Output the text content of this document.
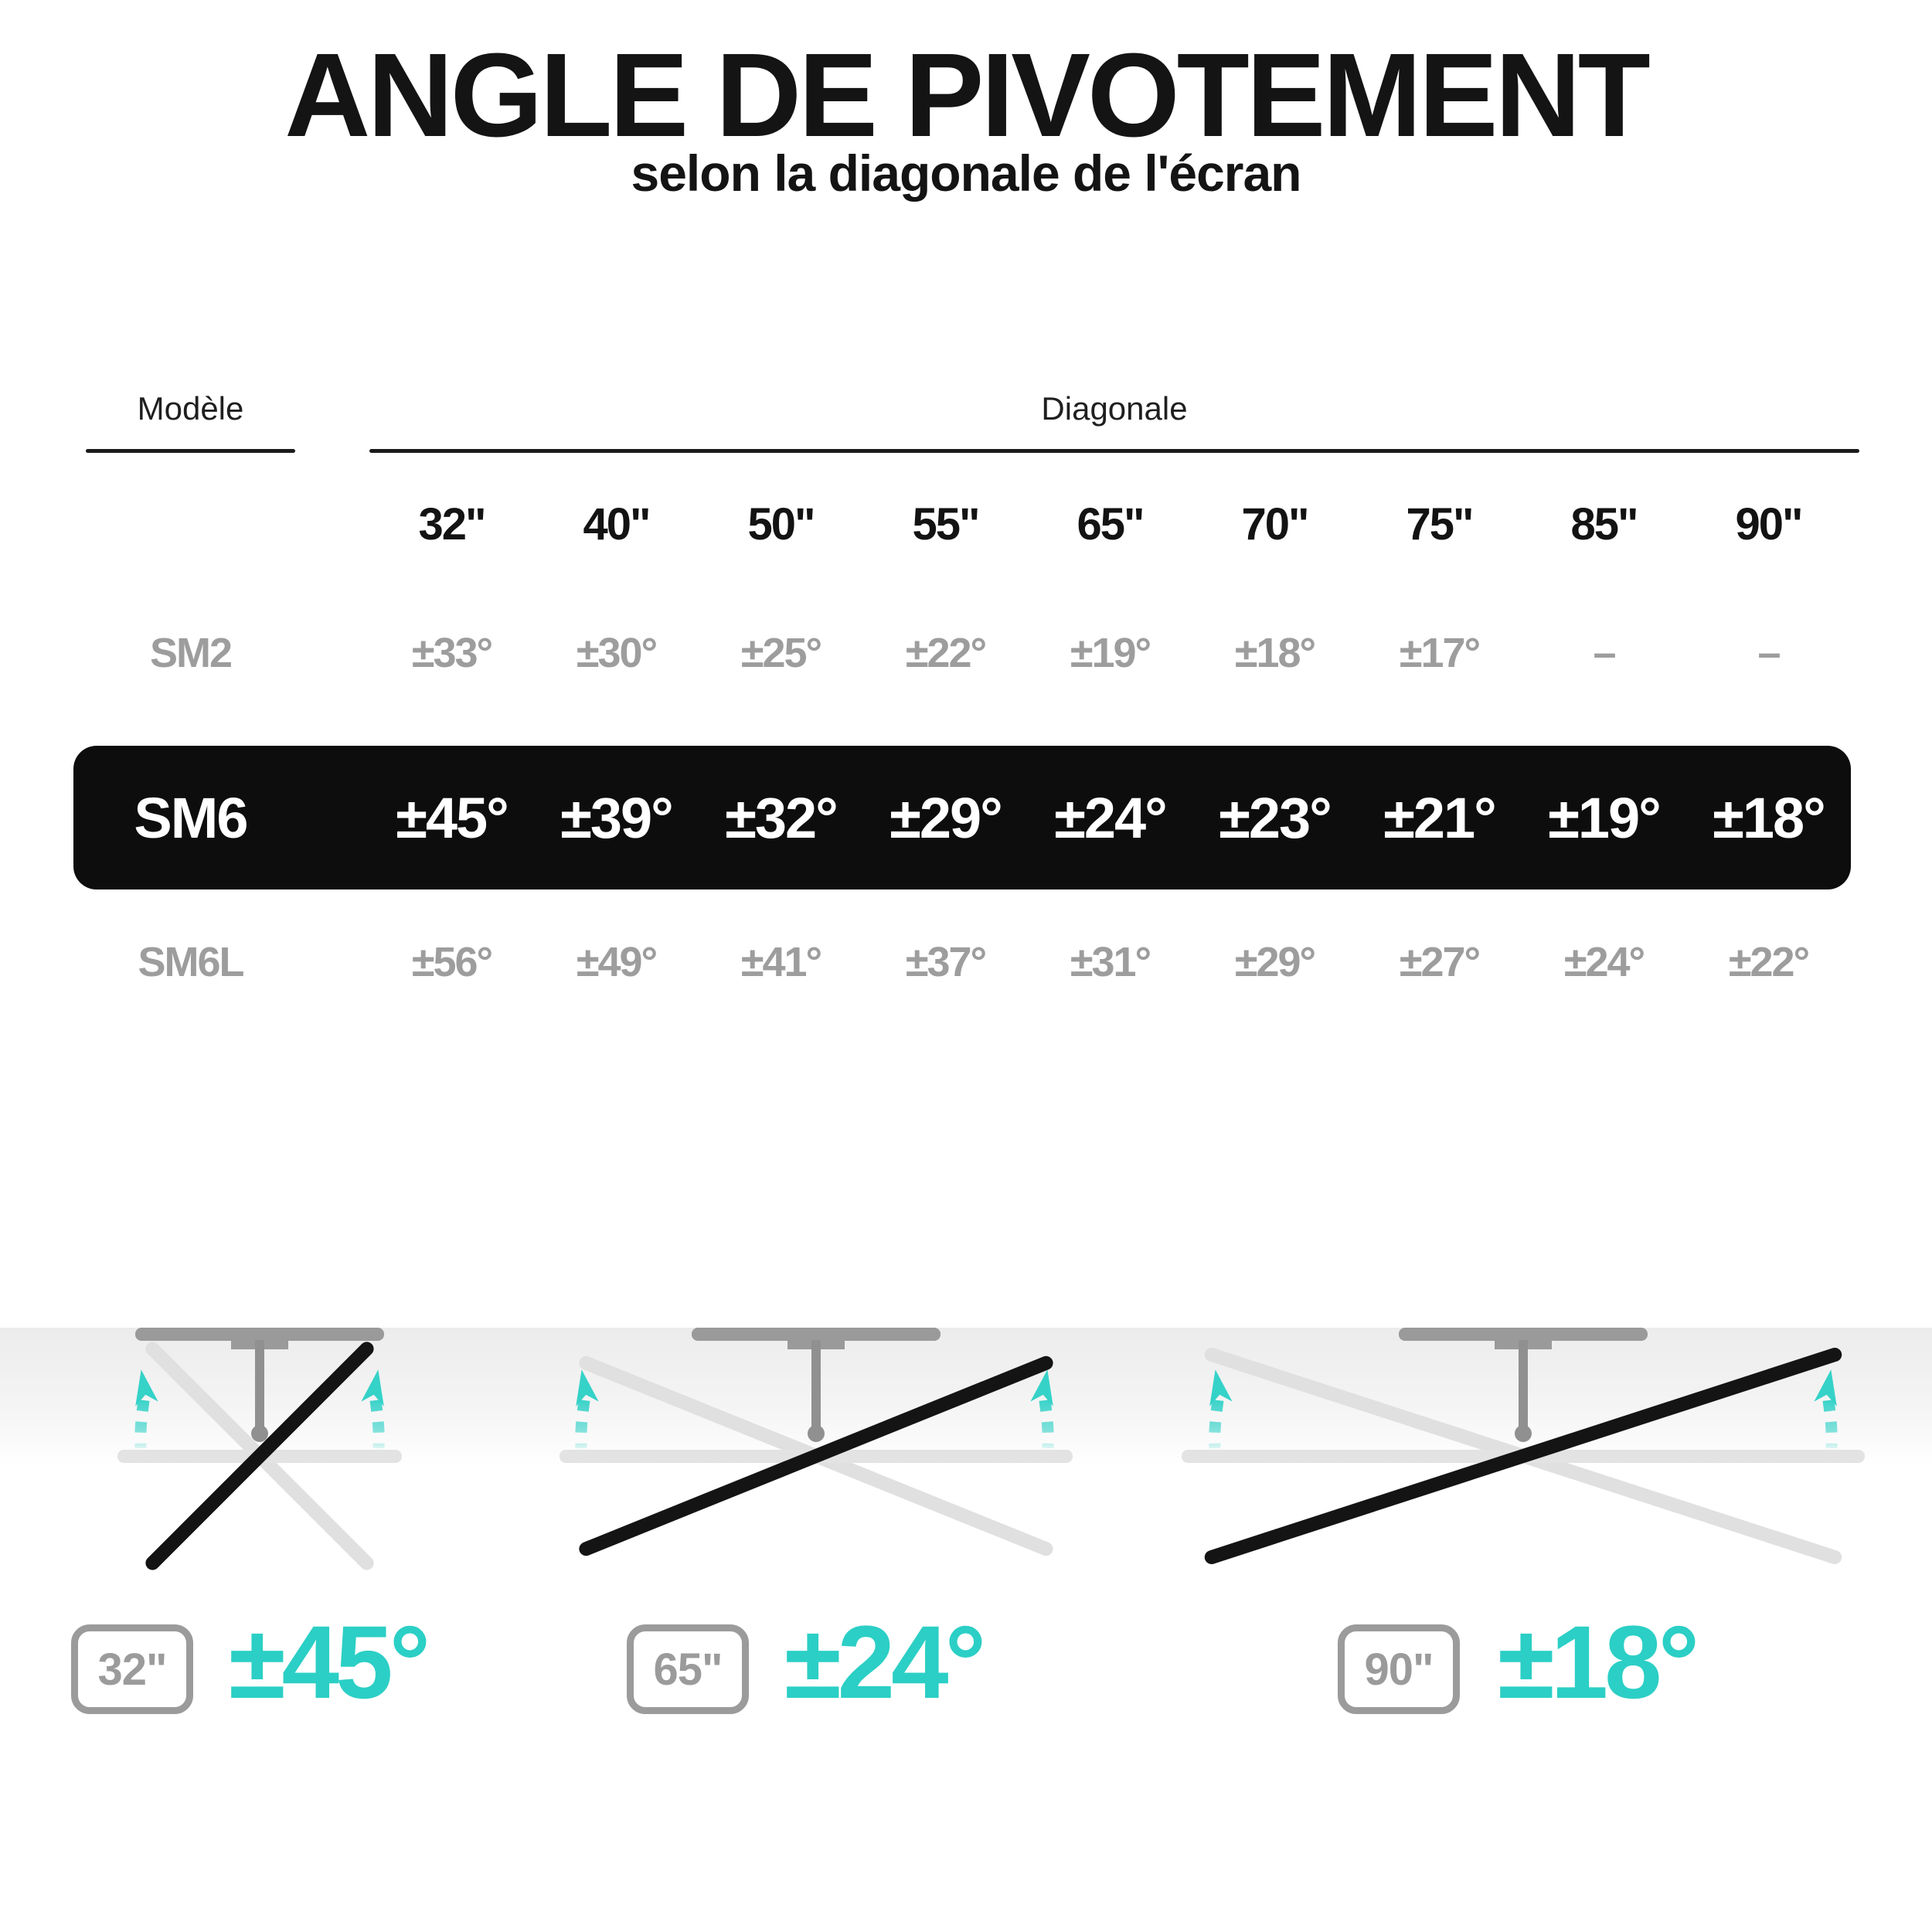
ANGLE DE PIVOTEMENT
selon la diagonale de l'écran
Modèle	Diagonale
32"	40"	50"	55"	65"	70"	75"	85"	90"
SM2	±33°	±30°	±25°	±22°	±19°	±18°	±17°	–	–
SM6	±45° ±39° ±32° ±29° ±24° ±23° ±21° ±19° ±18°
SM6L	±56°	±49°	±41°	±37°	±31°	±29°	±27°	±24°	±22°
32" ±45°	65" ±24°	90" ±18°
